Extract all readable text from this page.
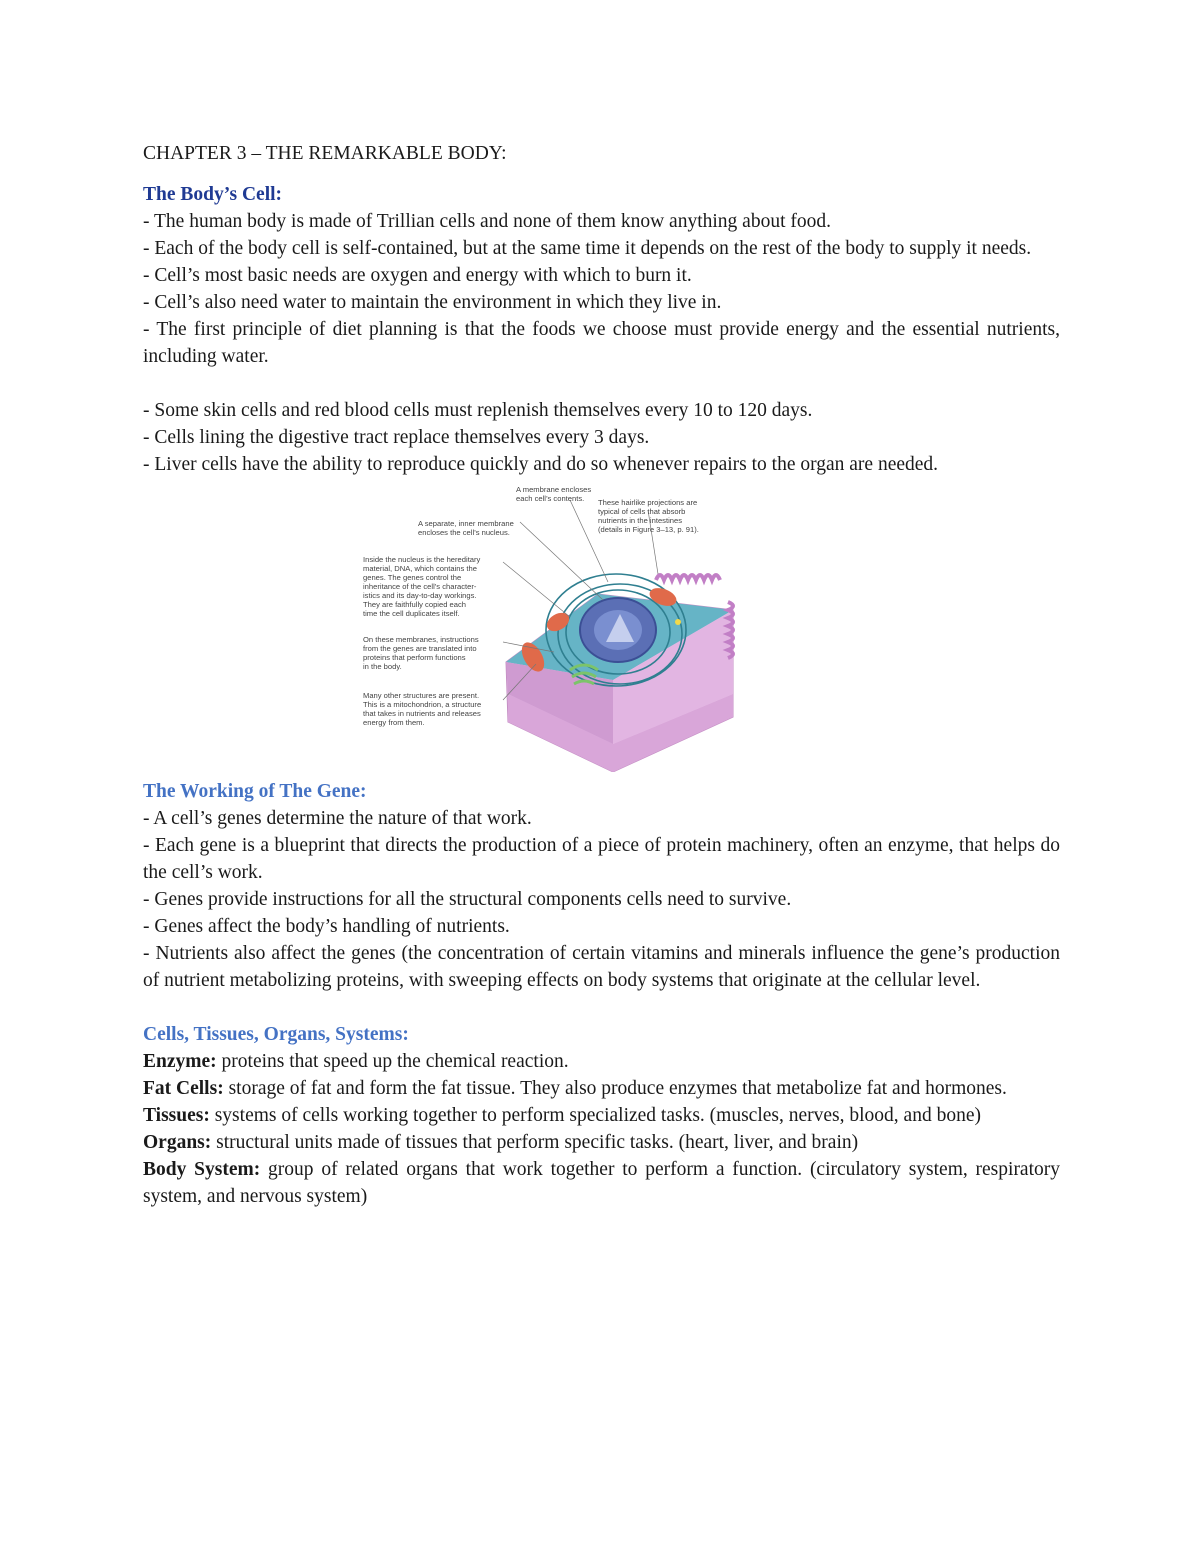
CHAPTER 3 – THE REMARKABLE BODY:

The Body’s Cell:

- The human body is made of Trillian cells and none of them know anything about food.

- Each of the body cell is self-contained, but at the same time it depends on the rest of the body to supply it needs.

- Cell’s most basic needs are oxygen and energy with which to burn it.

- Cell’s also need water to maintain the environment in which they live in.

- The first principle of diet planning is that the foods we choose must provide energy and the essential nutrients, including water.

- Some skin cells and red blood cells must replenish themselves every 10 to 120 days.

- Cells lining the digestive tract replace themselves every 3 days.

- Liver cells have the ability to reproduce quickly and do so whenever repairs to the organ are needed.

A membrane encloses each cell’s contents.	These hairlike projections are typical of cells that absorb nutrients in the intestines (details in Figure 3–13, p. 91).
A separate, inner membrane encloses the cell’s nucleus.
Inside the nucleus is the hereditary material, DNA, which contains the genes. The genes control the inheritance of the cell’s character- istics and its day-to-day workings. They are faithfully copied each time the cell duplicates itself.
On these membranes, instructions from the genes are translated into proteins that perform functions in the body.
Many other structures are present. This is a mitochondrion, a structure that takes in nutrients and releases energy from them.

The Working of The Gene:

- A cell’s genes determine the nature of that work.

- Each gene is a blueprint that directs the production of a piece of protein machinery, often an enzyme, that helps do the cell’s work.

- Genes provide instructions for all the structural components cells need to survive.

- Genes affect the body’s handling of nutrients.

- Nutrients also affect the genes (the concentration of certain vitamins and minerals influence the gene’s production of nutrient metabolizing proteins, with sweeping effects on body systems that originate at the cellular level.

Cells, Tissues, Organs, Systems:

Enzyme: proteins that speed up the chemical reaction.

Fat Cells: storage of fat and form the fat tissue. They also produce enzymes that metabolize fat and hormones.

Tissues: systems of cells working together to perform specialized tasks. (muscles, nerves, blood, and bone)

Organs: structural units made of tissues that perform specific tasks. (heart, liver, and brain)

Body System: group of related organs that work together to perform a function. (circulatory system, respiratory system, and nervous system)
